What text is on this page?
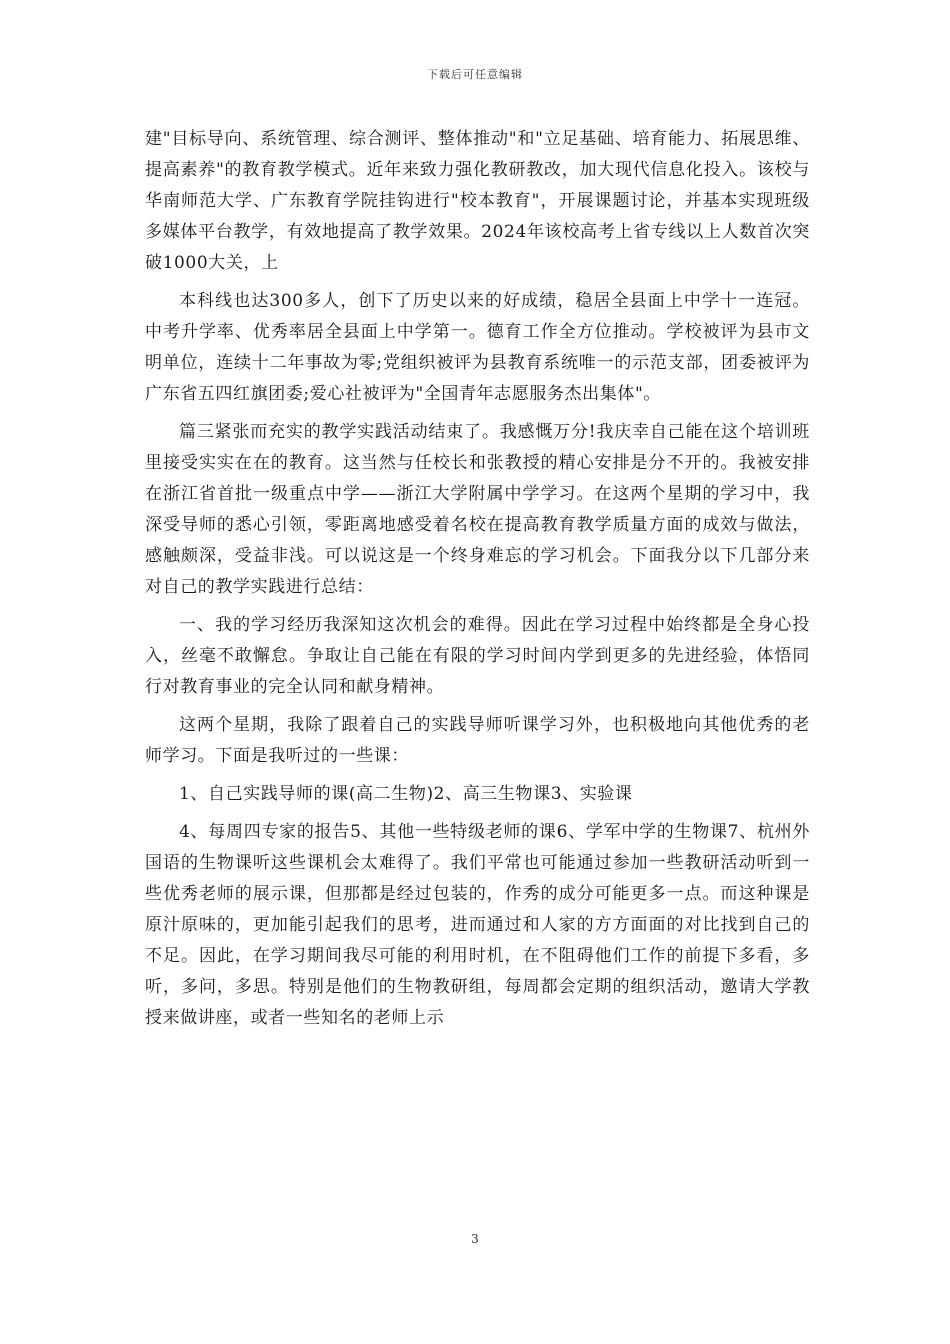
下载后可任意编辑

建"目标导向、系统管理、综合测评、整体推动"和"立足基础、培育能力、拓展思维、提高素养"的教育教学模式。近年来致力强化教研教改，加大现代信息化投入。该校与华南师范大学、广东教育学院挂钩进行"校本教育"，开展课题讨论，并基本实现班级多媒体平台教学，有效地提高了教学效果。2024年该校高考上省专线以上人数首次突破1000大关，上

本科线也达300多人，创下了历史以来的好成绩，稳居全县面上中学十一连冠。中考升学率、优秀率居全县面上中学第一。德育工作全方位推动。学校被评为县市文明单位，连续十二年事故为零;党组织被评为县教育系统唯一的示范支部，团委被评为广东省五四红旗团委;爱心社被评为"全国青年志愿服务杰出集体"。

篇三紧张而充实的教学实践活动结束了。我感慨万分!我庆幸自己能在这个培训班里接受实实在在的教育。这当然与任校长和张教授的精心安排是分不开的。我被安排在浙江省首批一级重点中学——浙江大学附属中学学习。在这两个星期的学习中，我深受导师的悉心引领，零距离地感受着名校在提高教育教学质量方面的成效与做法，感触颇深，受益非浅。可以说这是一个终身难忘的学习机会。下面我分以下几部分来对自己的教学实践进行总结：

一、我的学习经历我深知这次机会的难得。因此在学习过程中始终都是全身心投入，丝毫不敢懈怠。争取让自己能在有限的学习时间内学到更多的先进经验，体悟同行对教育事业的完全认同和献身精神。

这两个星期，我除了跟着自己的实践导师听课学习外，也积极地向其他优秀的老师学习。下面是我听过的一些课：

1、自己实践导师的课(高二生物)2、高三生物课3、实验课

4、每周四专家的报告5、其他一些特级老师的课6、学军中学的生物课7、杭州外国语的生物课听这些课机会太难得了。我们平常也可能通过参加一些教研活动听到一些优秀老师的展示课，但那都是经过包装的，作秀的成分可能更多一点。而这种课是原汁原味的，更加能引起我们的思考，进而通过和人家的方方面面的对比找到自己的不足。因此，在学习期间我尽可能的利用时机，在不阻碍他们工作的前提下多看，多听，多问，多思。特别是他们的生物教研组，每周都会定期的组织活动，邀请大学教授来做讲座，或者一些知名的老师上示

3
